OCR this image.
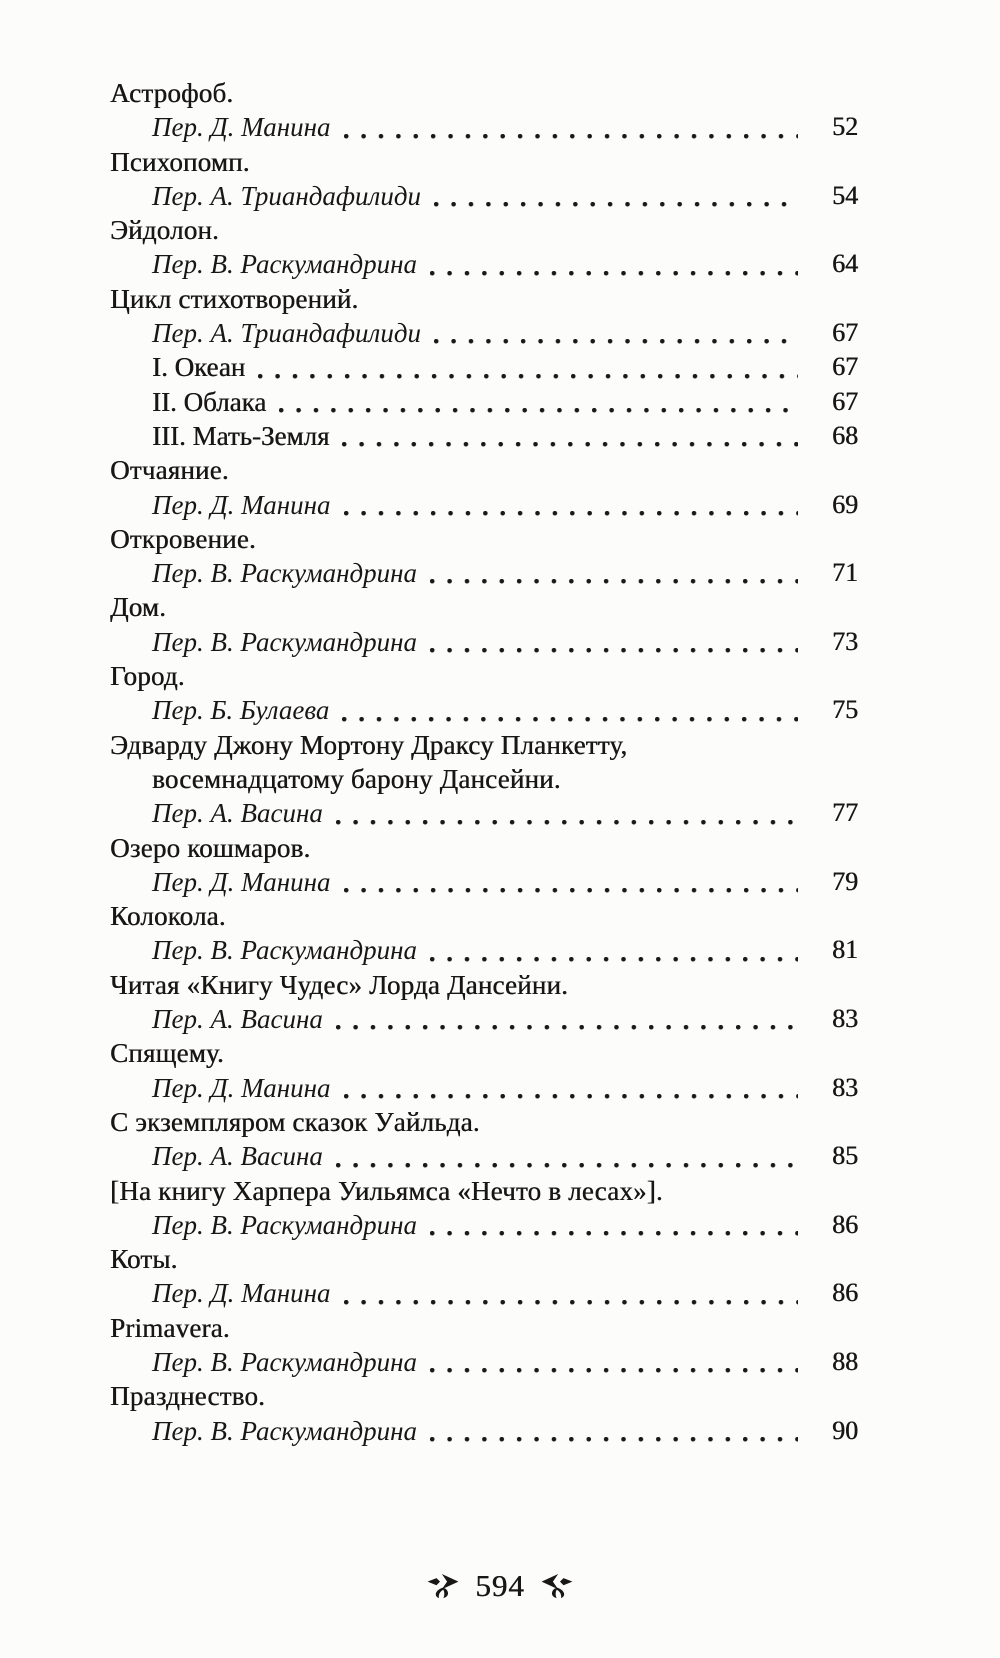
Астрофоб.
Пер. Д. Манина	52
Психопомп.
Пер. А. Триандафилиди	54
Эйдолон.
Пер. В. Раскумандрина	64
Цикл стихотворений.
Пер. А. Триандафилиди	67
I. Океан	67
II. Облака	67
III. Мать-Земля	68
Отчаяние.
Пер. Д. Манина	69
Откровение.
Пер. В. Раскумандрина	71
Дом.
Пер. В. Раскумандрина	73
Город.
Пер. Б. Булаева	75
Эдварду Джону Мортону Драксу Планкетту,
восемнадцатому барону Дансейни.
Пер. А. Васина	77
Озеро кошмаров.
Пер. Д. Манина	79
Колокола.
Пер. В. Раскумандрина	81
Читая «Книгу Чудес» Лорда Дансейни.
Пер. А. Васина	83
Спящему.
Пер. Д. Манина	83
С экземпляром сказок Уайльда.
Пер. А. Васина	85
[На книгу Харпера Уильямса «Нечто в лесах»].
Пер. В. Раскумандрина	86
Коты.
Пер. Д. Манина	86
Primavera.
Пер. В. Раскумандрина	88
Празднество.
Пер. В. Раскумандрина	90
594
